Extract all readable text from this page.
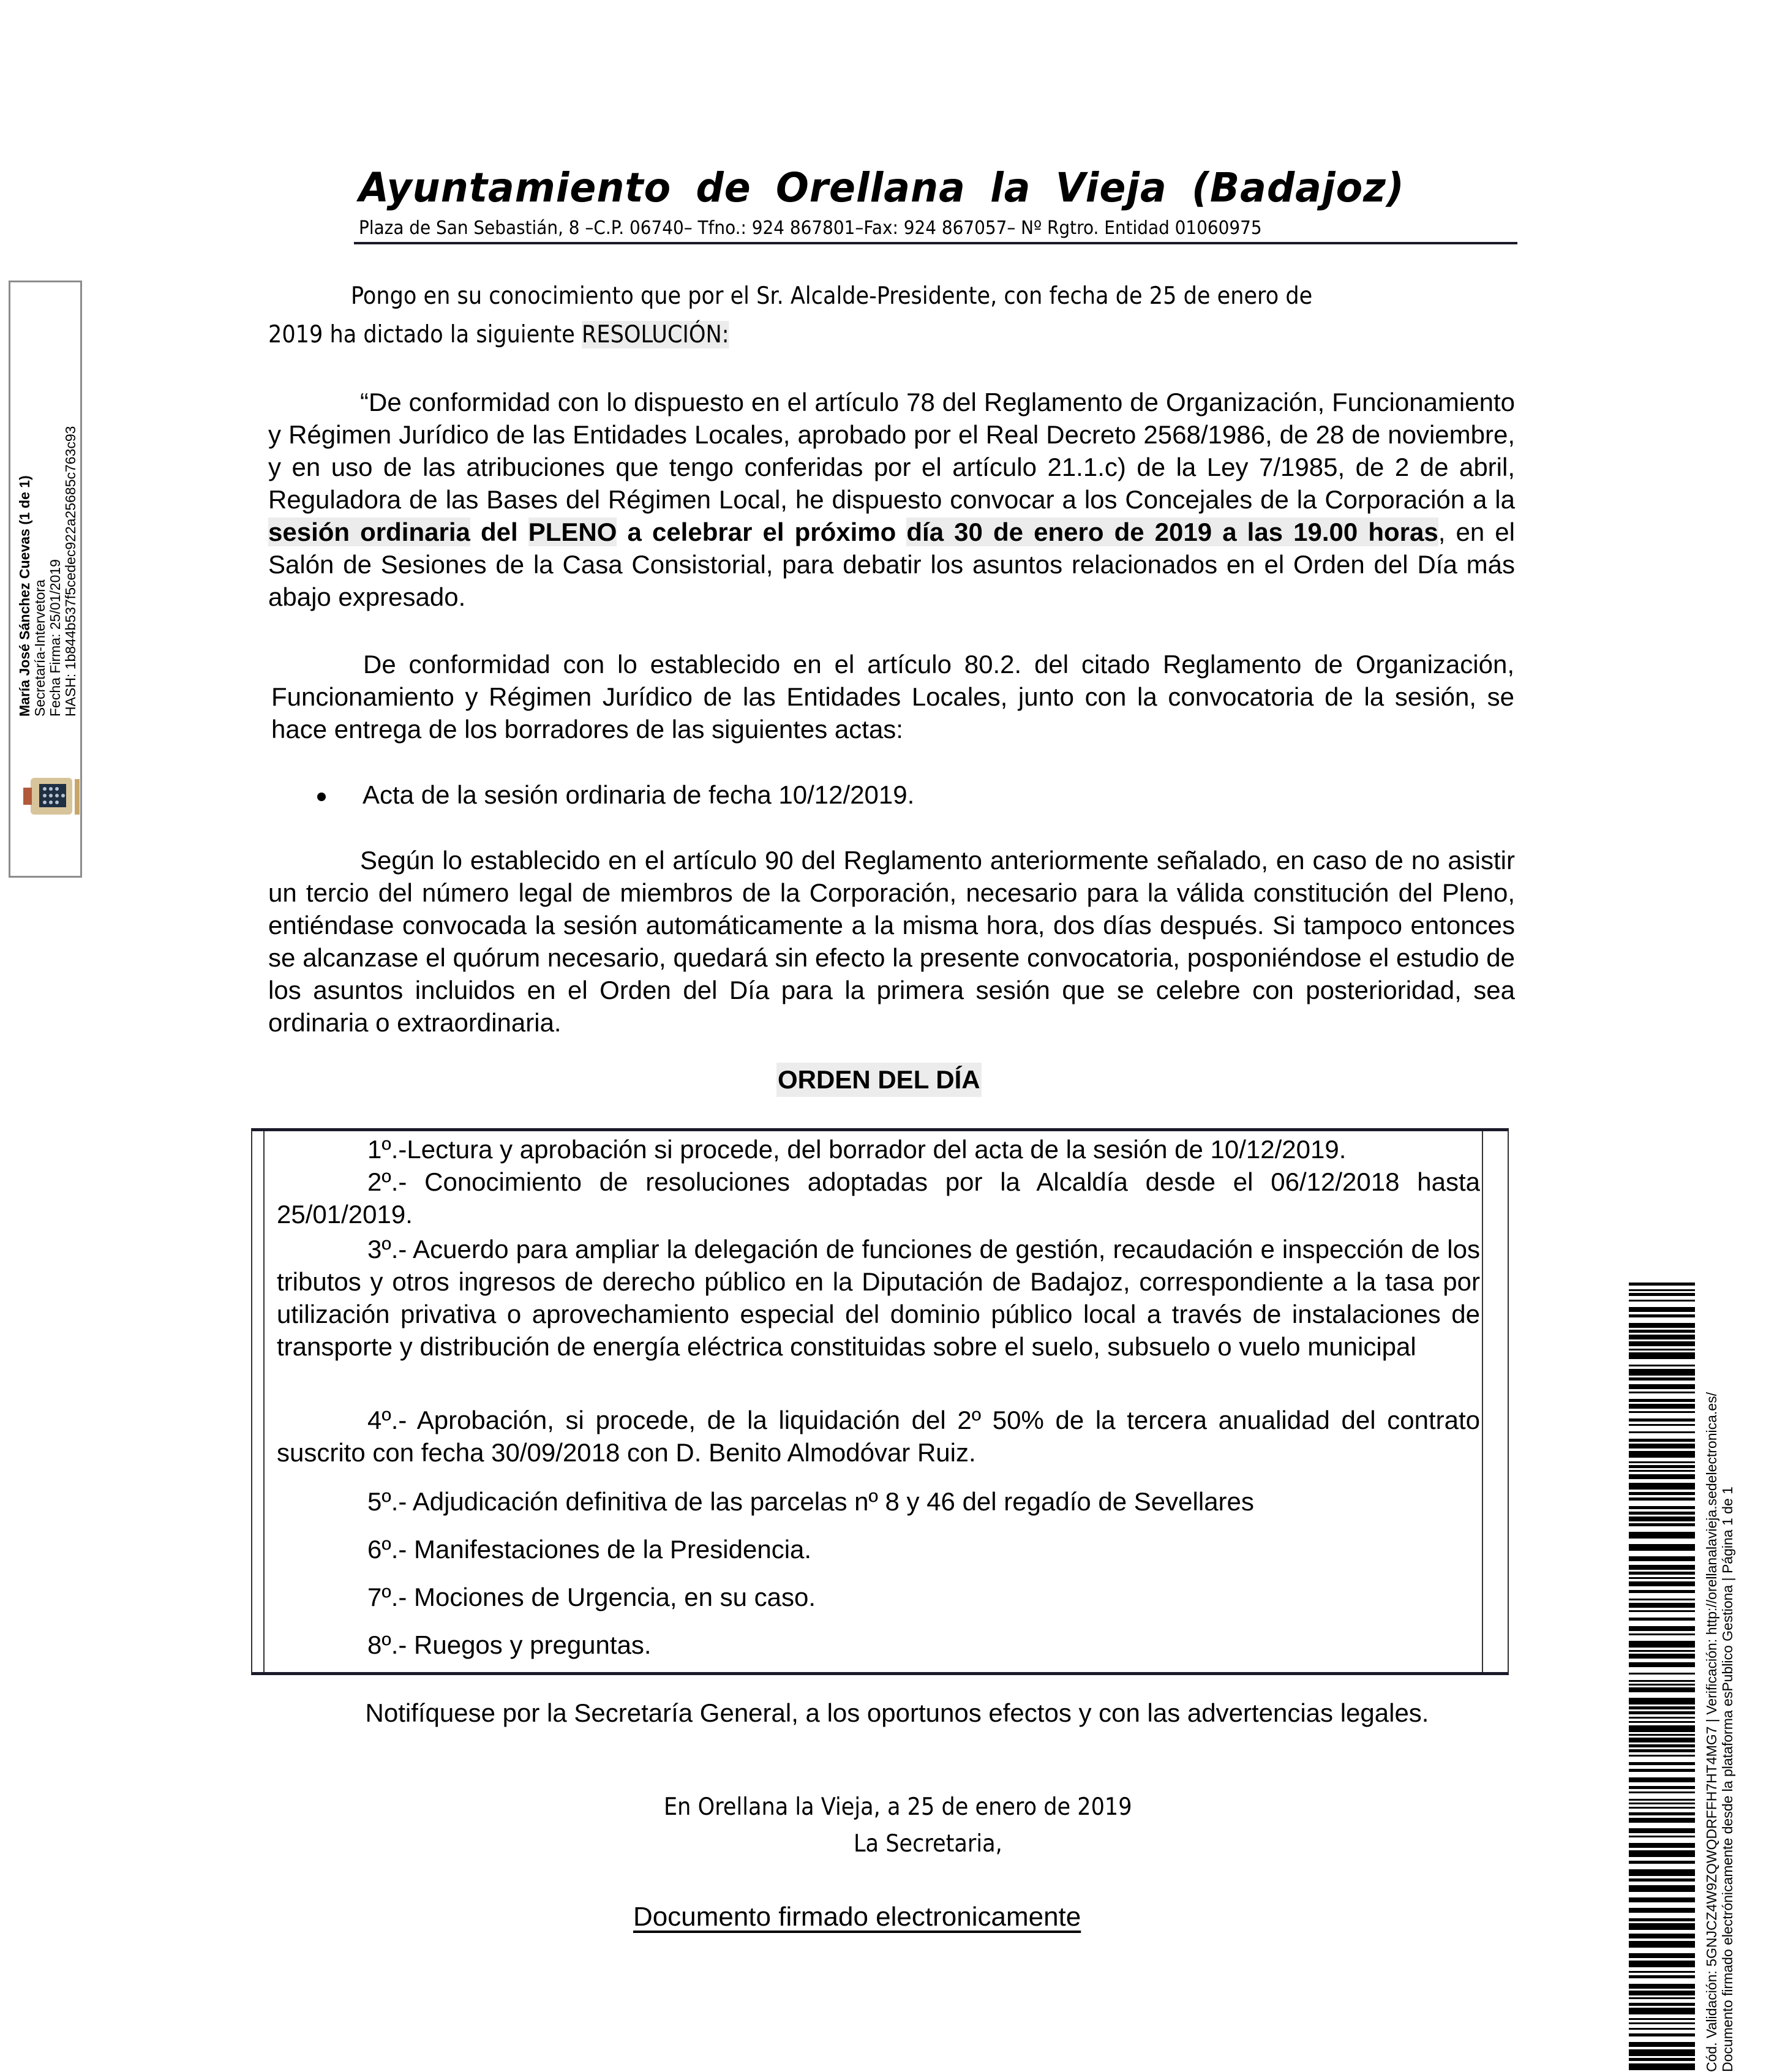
Ayuntamiento de Orellana la Vieja (Badajoz)
Plaza de San Sebastián, 8 –C.P. 06740– Tfno.: 924 867801–Fax: 924 867057– Nº Rgtro. Entidad 01060975
María José Sánchez Cuevas (1 de 1) Secretaría-Intervetora Fecha Firma: 25/01/2019 HASH: 1b844b537f5cedec922a25685c763c93
Pongo en su conocimiento que por el Sr. Alcalde-Presidente, con fecha de 25 de enero de
2019 ha dictado la siguiente RESOLUCIÓN:
“De conformidad con lo dispuesto en el artículo 78 del Reglamento de Organización, Funcionamiento y Régimen Jurídico de las Entidades Locales, aprobado por el Real Decreto 2568/1986, de 28 de noviembre, y en uso de las atribuciones que tengo conferidas por el artículo 21.1.c) de la Ley 7/1985, de 2 de abril, Reguladora de las Bases del Régimen Local, he dispuesto convocar a los Concejales de la Corporación a la sesión ordinaria del PLENO a celebrar el próximo día 30 de enero de 2019 a las 19.00 horas, en el Salón de Sesiones de la Casa Consistorial, para debatir los asuntos relacionados en el Orden del Día más abajo expresado.
De conformidad con lo establecido en el artículo 80.2. del citado Reglamento de Organización, Funcionamiento y Régimen Jurídico de las Entidades Locales, junto con la convocatoria de la sesión, se hace entrega de los borradores de las siguientes actas:
Acta de la sesión ordinaria de fecha 10/12/2019.
Según lo establecido en el artículo 90 del Reglamento anteriormente señalado, en caso de no asistir un tercio del número legal de miembros de la Corporación, necesario para la válida constitución del Pleno, entiéndase convocada la sesión automáticamente a la misma hora, dos días después. Si tampoco entonces se alcanzase el quórum necesario, quedará sin efecto la presente convocatoria, posponiéndose el estudio de los asuntos incluidos en el Orden del Día para la primera sesión que se celebre con posterioridad, sea ordinaria o extraordinaria.
ORDEN DEL DÍA
1º.-Lectura y aprobación si procede, del borrador del acta de la sesión de 10/12/2019.
2º.- Conocimiento de resoluciones adoptadas por la Alcaldía desde el 06/12/2018 hasta 25/01/2019.
3º.- Acuerdo para ampliar la delegación de funciones de gestión, recaudación e inspección de los tributos y otros ingresos de derecho público en la Diputación de Badajoz, correspondiente a la tasa por utilización privativa o aprovechamiento especial del dominio público local a través de instalaciones de transporte y distribución de energía eléctrica constituidas sobre el suelo, subsuelo o vuelo municipal
4º.- Aprobación, si procede, de la liquidación del 2º 50% de la tercera anualidad del contrato suscrito con fecha 30/09/2018 con D. Benito Almodóvar Ruiz.
5º.- Adjudicación definitiva de las parcelas nº 8 y 46 del regadío de Sevellares
6º.- Manifestaciones de la Presidencia.
7º.- Mociones de Urgencia, en su caso.
8º.- Ruegos y preguntas.
Notifíquese por la Secretaría General, a los oportunos efectos y con las advertencias legales.
En Orellana la Vieja, a 25 de enero de 2019
La Secretaria,
Documento firmado electronicamente	Cód. Validación: 5GNJCZ4W9ZQWQDRFFH7HT4MG7 | Verificación: http://orellanalavieja.sedelectronica.es/ Documento firmado electrónicamente desde la plataforma esPublico Gestiona | Página 1 de 1
